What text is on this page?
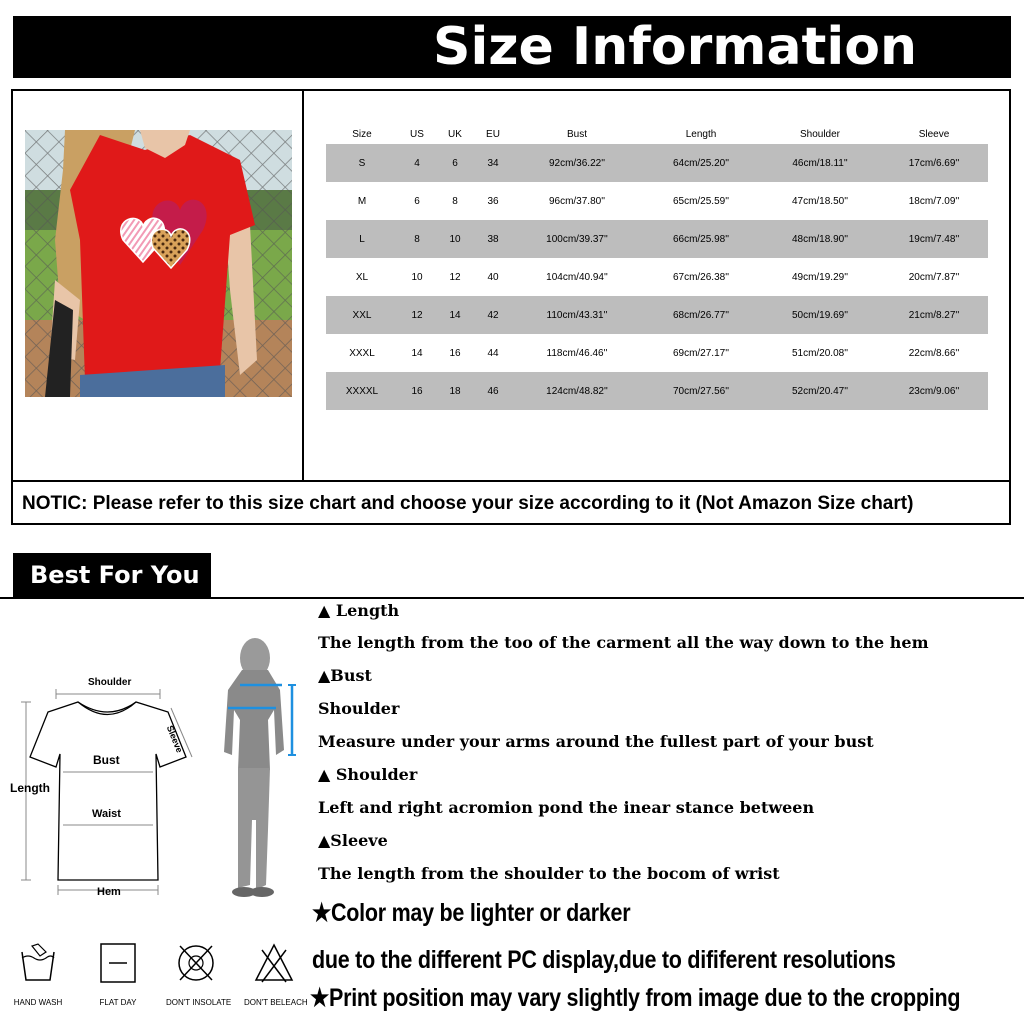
Size Information
Size	US	UK	EU	Bust	Length	Shoulder	Sleeve
S	4	6	34	92cm/36.22''	64cm/25.20''	46cm/18.11''	17cm/6.69''
M	6	8	36	96cm/37.80''	65cm/25.59''	47cm/18.50''	18cm/7.09''
L	8	10	38	100cm/39.37''	66cm/25.98''	48cm/18.90''	19cm/7.48''
XL	10	12	40	104cm/40.94''	67cm/26.38''	49cm/19.29''	20cm/7.87''
XXL	12	14	42	110cm/43.31''	68cm/26.77''	50cm/19.69''	21cm/8.27''
XXXL	14	16	44	118cm/46.46''	69cm/27.17''	51cm/20.08''	22cm/8.66''
XXXXL	16	18	46	124cm/48.82''	70cm/27.56''	52cm/20.47''	23cm/9.06''
NOTIC: Please refer to this size chart and choose your size according to it (Not Amazon Size chart)
Best For You
Shoulder
Sleeve
Bust
Length
Waist
Hem
HAND WASH	FLAT DAY	DON'T INSOLATE DON'T BELEACH
▲ Length
The length from the too of the carment all the way down to the hem
▲Bust
Shoulder
Measure under your arms around the fullest part of your bust
▲ Shoulder
Left and right acromion pond the inear stance between
▲Sleeve
The length from the shoulder to the bocom of wrist
★Color may be lighter or darker
due to the different PC display,due to dififerent resolutions
★Print position may vary slightly from image due to the cropping
